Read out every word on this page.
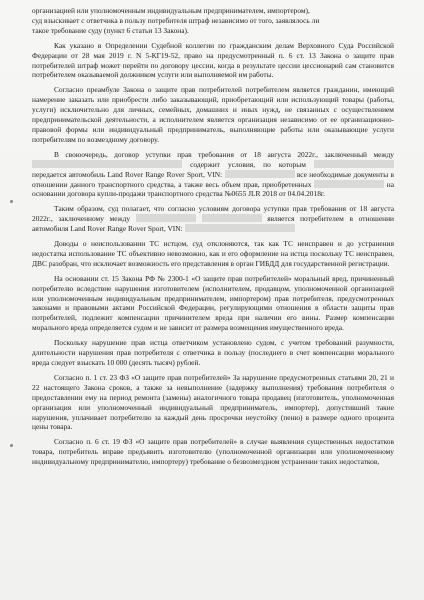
организацией или уполномоченным индивидуальным предпринимателем, импортером),
суд взыскивает с ответчика в пользу потребителя штраф независимо от того, заявлялось ли
такое требование суду (пункт 6 статьи 13 Закона).

Как указано в Определении Судебной коллегии по гражданским делам Верховного Суда Российской Федерации от 28 мая 2019 г. N 5-КГ19-52, право на предусмотренный п. 6 ст. 13 Закона о защите прав потребителей штраф может перейти по договору цессии, когда в результате цессии цессионарий сам становится потребителем оказываемой должником услуги или выполняемой им работы.

Согласно преамбуле Закона о защите прав потребителей потребителем является гражданин, имеющий намерение заказать или приобрести либо заказывающий, приобретающий или использующий товары (работы, услуги) исключительно для личных, семейных, домашних и иных нужд, не связанных с осуществлением предпринимательской деятельности, а исполнителем является организация независимо от ее организационно-правовой формы или индивидуальный предприниматель, выполняющие работы или оказывающие услуги потребителям по возмездному договору.

В своюочередь, договор уступки прав требования от 18 августа 2022г., заключенный между  содержит условия, по которым  передается автомобиль Land Rover Range Rover Sport, VIN:	все необходимые документы в отношении данного транспортного средства, а также весь объем прав, приобретенных	на основании договора купли-продажи транспортного средства №0655 JLR 2018 от 04.04.2018г.

Таким образом, суд полагает, что согласно условиям договора уступки прав требования от 18 августа 2022г., заключенному между	является потребителем в отношении автомобиля Land Rover Range Rover Sport, VIN:

Доводы о неиспользовании ТС истцом, суд отклоняются, так как ТС неисправен и до устранения недостатка использование ТС объективно невозможно, как и его оформление на истца поскольку ТС неисправен, ДВС разобран, что исключает возможность его представления в орган ГИБДД для государственной регистрации.

На основании ст. 15 Закона РФ № 2300-1 «О защите прав потребителей» моральный вред, причиненный потребителю вследствие нарушения изготовителем (исполнителем, продавцом, уполномоченной организацией или уполномоченным индивидуальным предпринимателем, импортером) прав потребителя, предусмотренных законами и правовыми актами Российской Федерации, регулирующими отношения в области защиты прав потребителей, подлежит компенсации причинителем вреда при наличии его вины. Размер компенсации морального вреда определяется судом и не зависит от размера возмещения имущественного вреда.

Поскольку нарушение прав истца ответчиком установлено судом, с учетом требований разумности, длительности нарушения прав потребителя с ответчика в пользу (последнего в счет компенсации морального вреда следует взыскать 10 000 (десять тысяч) рублей.

Согласно п. 1 ст. 23 ФЗ «О защите прав потребителей» За нарушение предусмотренных статьями 20, 21 и 22 настоящего Закона сроков, а также за невыполнение (задержку выполнения) требования потребителя о предоставлении ему на период ремонта (замены) аналогичного товара продавец (изготовитель, уполномоченная организация или уполномоченный индивидуальный предприниматель, импортер), допустивший такие нарушения, уплачивает потребителю за каждый день просрочки неустойку (пеню) в размере одного процента цены товара.

Согласно п. 6 ст. 19 ФЗ «О защите прав потребителей» в случае выявления существенных недостатков товара, потребитель вправе предъявить изготовителю (уполномоченной организации или уполномоченному индивидуальному предпринимателю, импортеру) требование о безвозмездном устранении таких недостатков,
